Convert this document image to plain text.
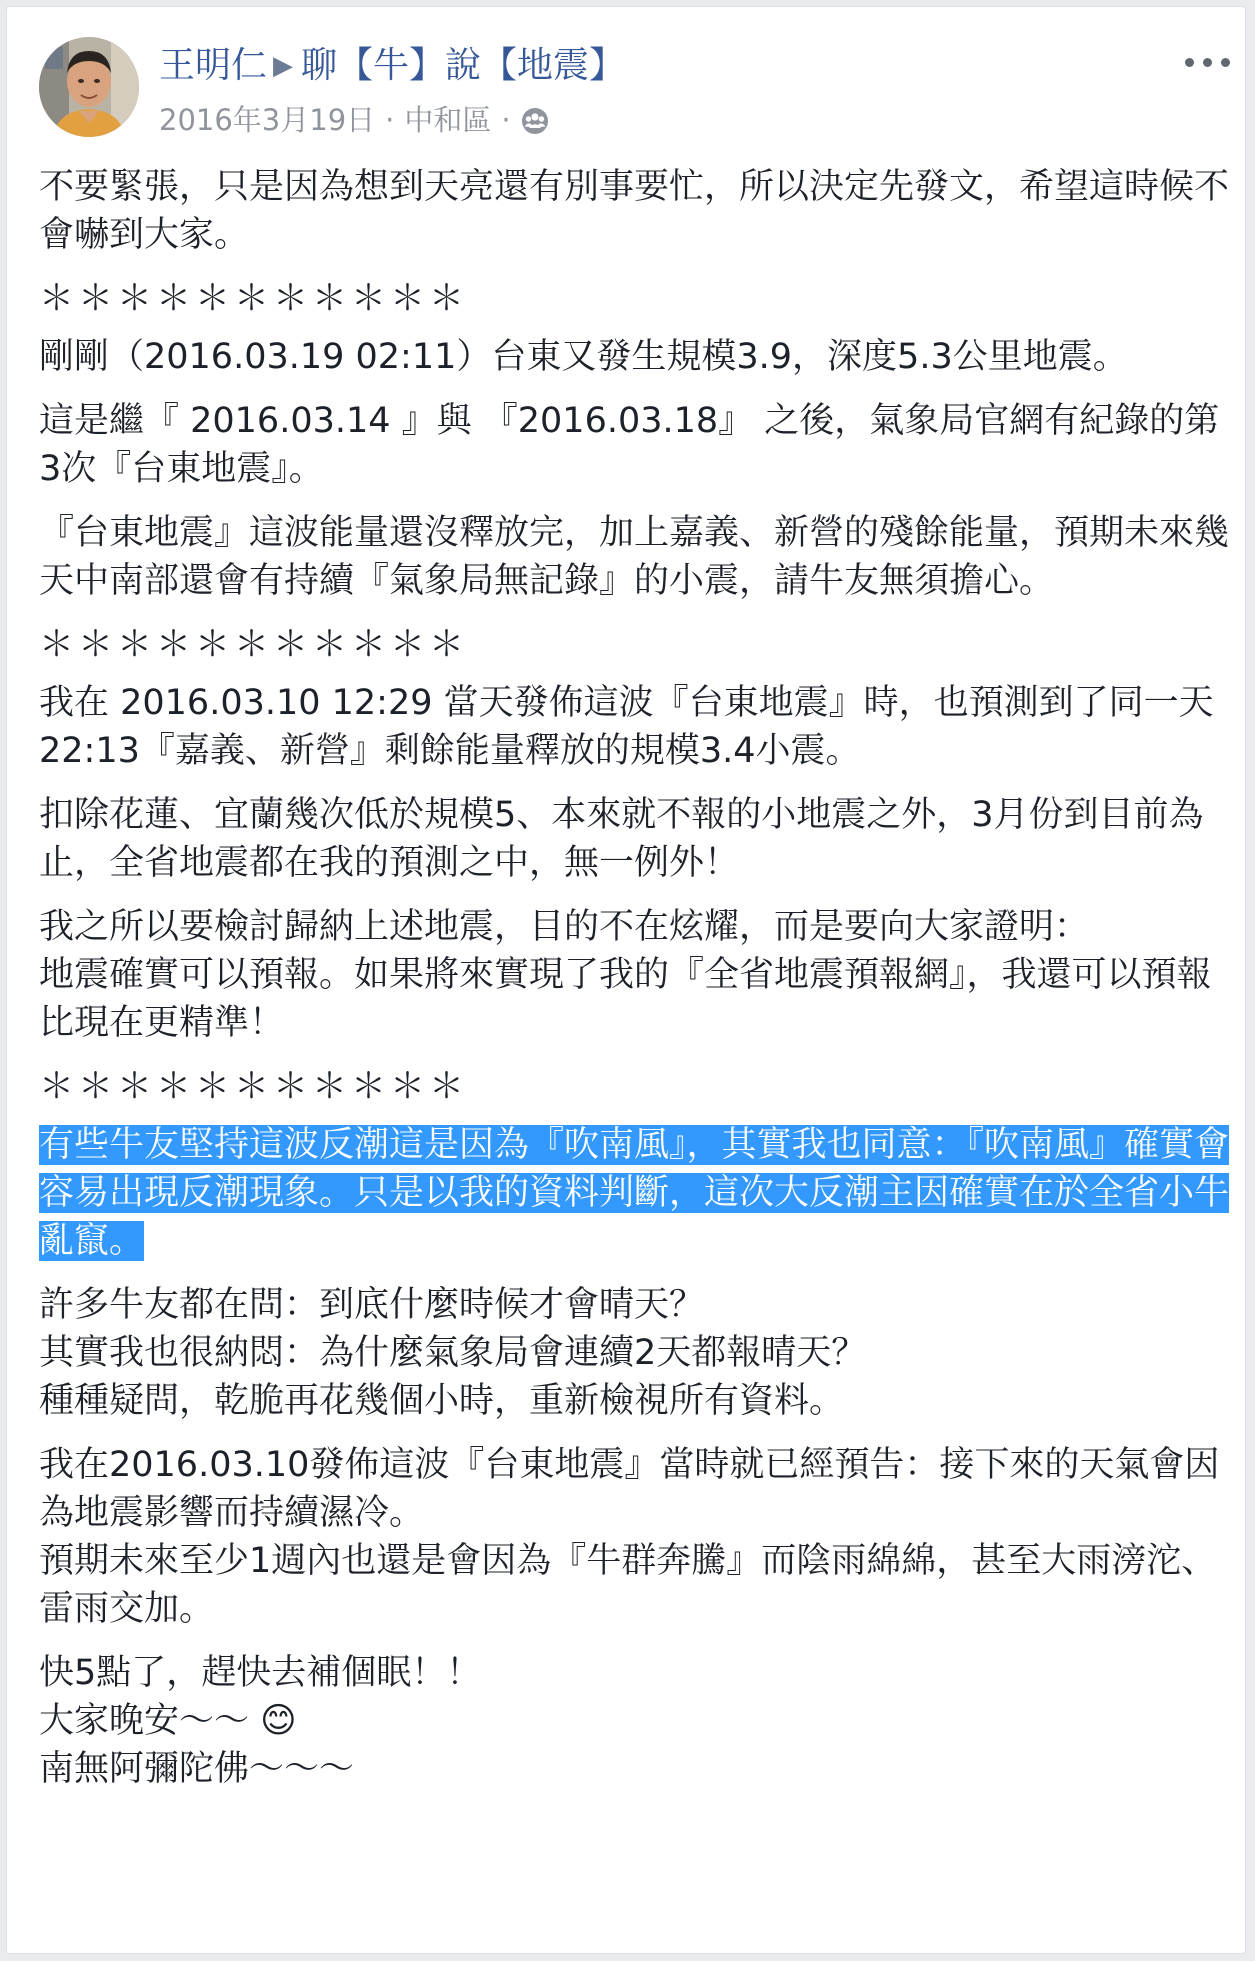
王明仁 ▶ 聊【牛】說【地震】
2016年3月19日 · 中和區 ·

不要緊張，只是因為想到天亮還有別事要忙，所以決定先發文，希望這時候不會嚇到大家。

＊＊＊＊＊＊＊＊＊＊＊

剛剛（2016.03.19 02:11）台東又發生規模3.9，深度5.3公里地震。

這是繼『 2016.03.14 』與 『2016.03.18』 之後，氣象局官網有紀錄的第3次『台東地震』。

『台東地震』這波能量還沒釋放完，加上嘉義、新營的殘餘能量，預期未來幾天中南部還會有持續『氣象局無記錄』的小震，請牛友無須擔心。

＊＊＊＊＊＊＊＊＊＊＊

我在 2016.03.10 12:29 當天發佈這波『台東地震』時，也預測到了同一天 22:13『嘉義、新營』剩餘能量釋放的規模3.4小震。

扣除花蓮、宜蘭幾次低於規模5、本來就不報的小地震之外，3月份到目前為止，全省地震都在我的預測之中，無一例外！

我之所以要檢討歸納上述地震，目的不在炫耀，而是要向大家證明：
地震確實可以預報。如果將來實現了我的『全省地震預報網』，我還可以預報比現在更精準！

＊＊＊＊＊＊＊＊＊＊＊

有些牛友堅持這波反潮這是因為『吹南風』，其實我也同意：『吹南風』確實會容易出現反潮現象。只是以我的資料判斷，這次大反潮主因確實在於全省小牛亂竄。

許多牛友都在問：到底什麼時候才會晴天？
其實我也很納悶：為什麼氣象局會連續2天都報晴天？
種種疑問，乾脆再花幾個小時，重新檢視所有資料。

我在2016.03.10發佈這波『台東地震』當時就已經預告：接下來的天氣會因為地震影響而持續濕冷。
預期未來至少1週內也還是會因為『牛群奔騰』而陰雨綿綿，甚至大雨滂沱、雷雨交加。

快5點了，趕快去補個眠！！
大家晚安～～ 😊
南無阿彌陀佛～～～
